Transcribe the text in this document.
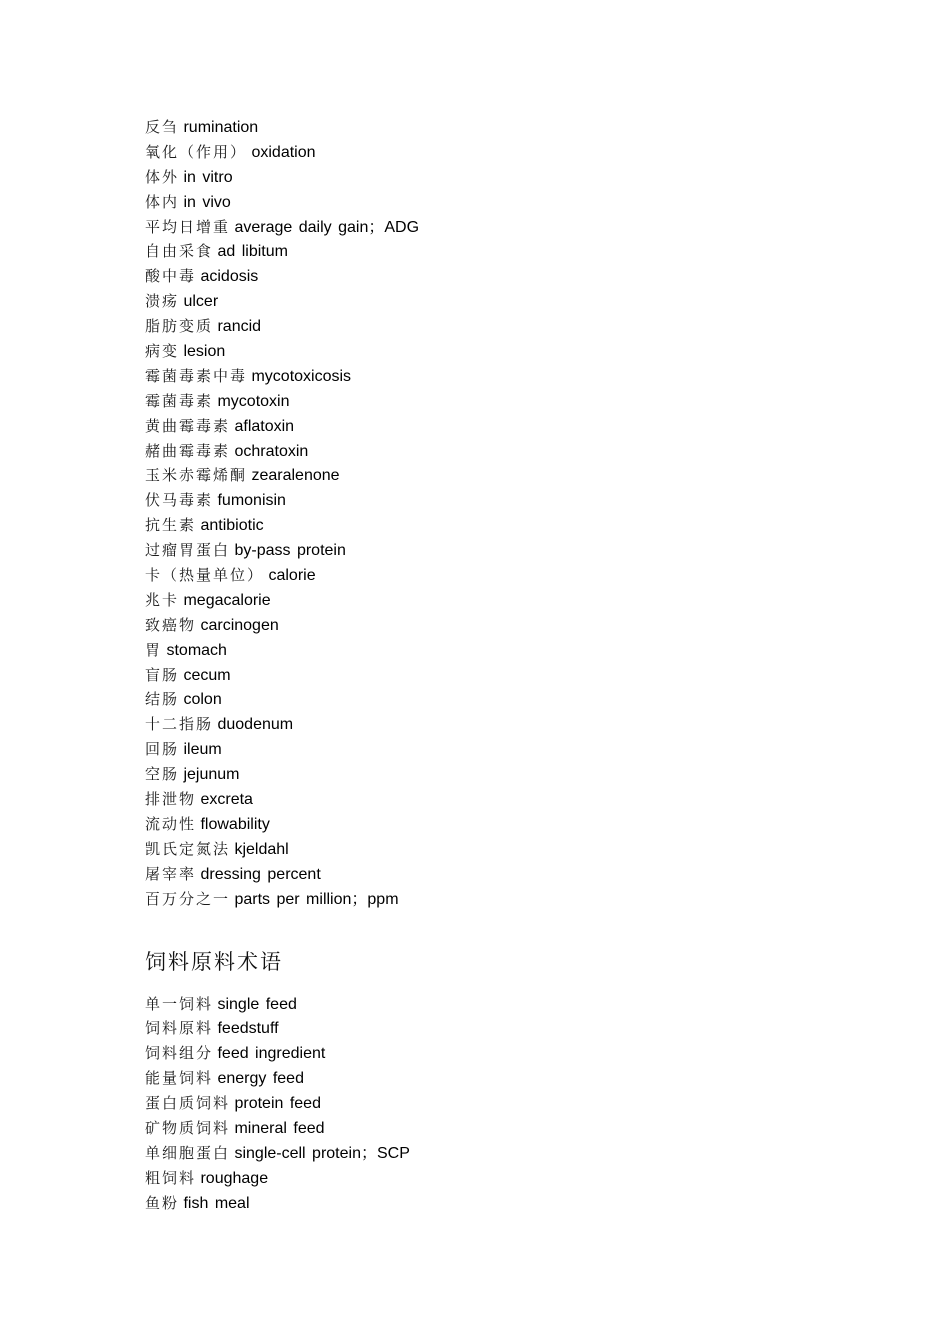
反刍 rumination
氧化（作用） oxidation
体外 in vitro
体内 in vivo
平均日增重 average daily gain；ADG
自由采食 ad libitum
酸中毒 acidosis
溃疡 ulcer
脂肪变质 rancid
病变 lesion
霉菌毒素中毒 mycotoxicosis
霉菌毒素 mycotoxin
黄曲霉毒素 aflatoxin
赭曲霉毒素 ochratoxin
玉米赤霉烯酮 zearalenone
伏马毒素 fumonisin
抗生素 antibiotic
过瘤胃蛋白 by-pass protein
卡（热量单位） calorie
兆卡 megacalorie
致癌物 carcinogen
胃 stomach
盲肠 cecum
结肠 colon
十二指肠 duodenum
回肠 ileum
空肠 jejunum
排泄物 excreta
流动性 flowability
凯氏定氮法 kjeldahl
屠宰率 dressing percent
百万分之一 parts per million；ppm
饲料原料术语
单一饲料 single feed
饲料原料 feedstuff
饲料组分 feed ingredient
能量饲料 energy feed
蛋白质饲料 protein feed
矿物质饲料 mineral feed
单细胞蛋白 single-cell protein；SCP
粗饲料 roughage
鱼粉 fish meal
